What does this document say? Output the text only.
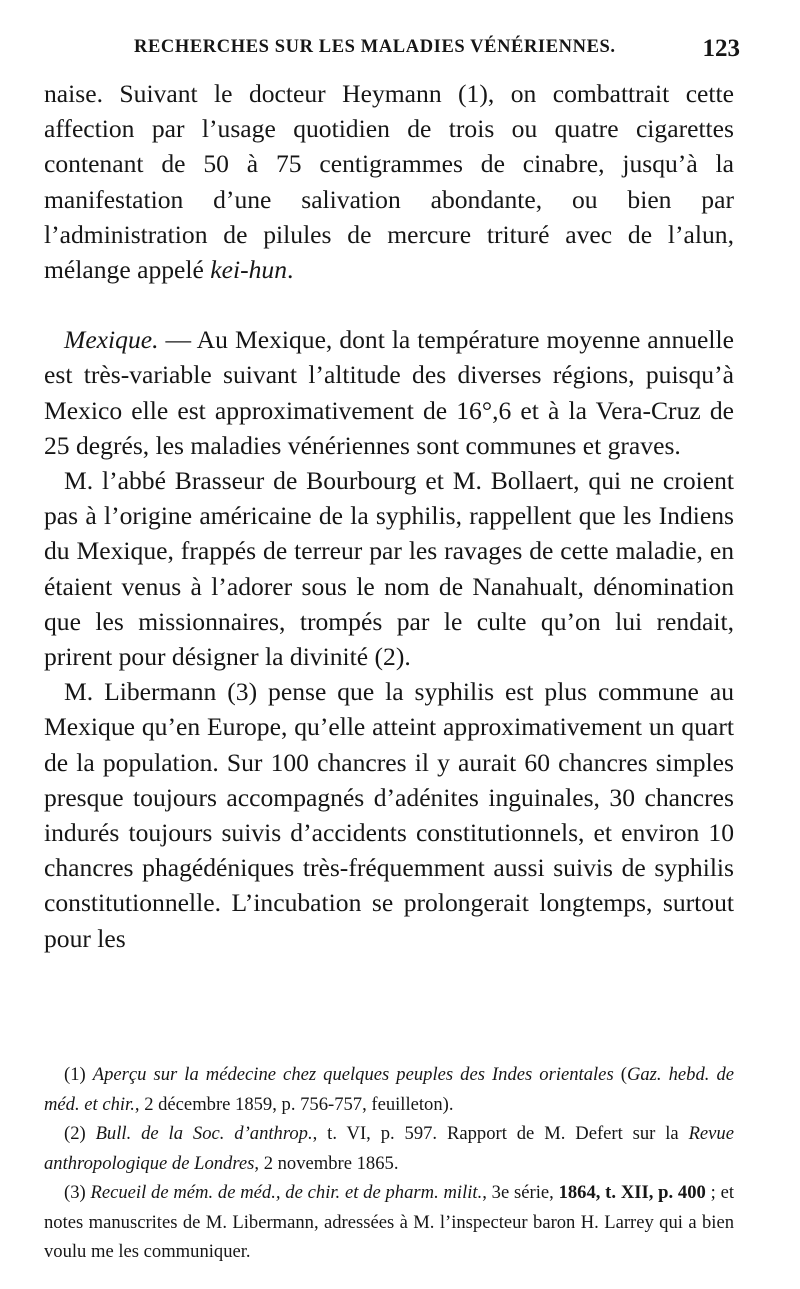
RECHERCHES SUR LES MALADIES VÉNÉRIENNES.	123

naise. Suivant le docteur Heymann (1), on combattrait cette affection par l’usage quotidien de trois ou quatre cigarettes contenant de 50 à 75 centigrammes de cinabre, jusqu’à la manifestation d’une salivation abondante, ou bien par l’administration de pilules de mercure trituré avec de l’alun, mélange appelé kei-hun.

Mexique. — Au Mexique, dont la température moyenne annuelle est très-variable suivant l’altitude des diverses régions, puisqu’à Mexico elle est approximativement de 16°,6 et à la Vera-Cruz de 25 degrés, les maladies vénériennes sont communes et graves.

M. l’abbé Brasseur de Bourbourg et M. Bollaert, qui ne croient pas à l’origine américaine de la syphilis, rappellent que les Indiens du Mexique, frappés de terreur par les ravages de cette maladie, en étaient venus à l’adorer sous le nom de Nanahualt, dénomination que les missionnaires, trompés par le culte qu’on lui rendait, prirent pour désigner la divinité (2).

M. Libermann (3) pense que la syphilis est plus commune au Mexique qu’en Europe, qu’elle atteint approximativement un quart de la population. Sur 100 chancres il y aurait 60 chancres simples presque toujours accompagnés d’adénites inguinales, 30 chancres indurés toujours suivis d’accidents constitutionnels, et environ 10 chancres phagédéniques très-fréquemment aussi suivis de syphilis constitutionnelle. L’incubation se prolongerait longtemps, surtout pour les

(1) Aperçu sur la médecine chez quelques peuples des Indes orientales (Gaz. hebd. de méd. et chir., 2 décembre 1859, p. 756-757, feuilleton).

(2) Bull. de la Soc. d’anthrop., t. VI, p. 597. Rapport de M. Defert sur la Revue anthropologique de Londres, 2 novembre 1865.

(3) Recueil de mém. de méd., de chir. et de pharm. milit., 3e série, 1864, t. XII, p. 400 ; et notes manuscrites de M. Libermann, adressées à M. l’inspecteur baron H. Larrey qui a bien voulu me les communiquer.
